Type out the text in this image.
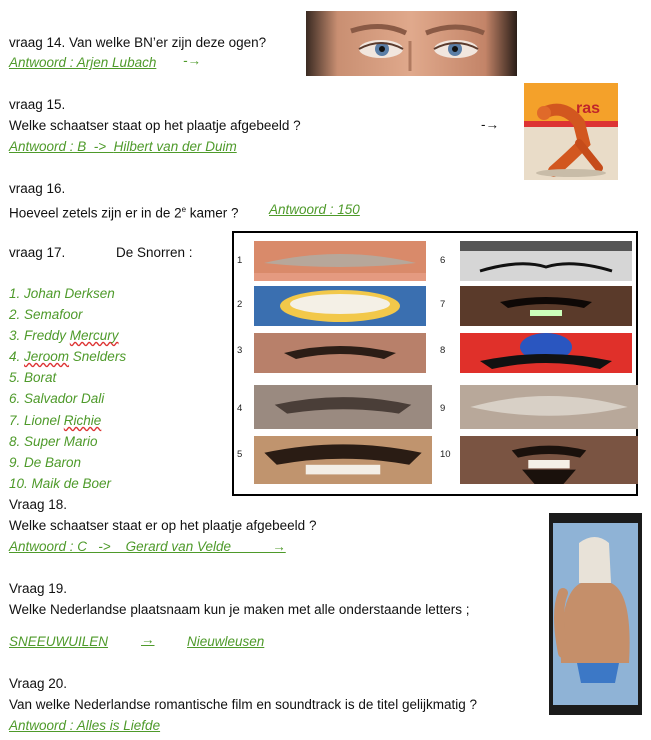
vraag 14. Van welke BN’er zijn deze ogen?
Antwoord : Arjen Lubach -→
vraag 15.
Welke schaatser staat op het plaatje afgebeeld ?	-→
Antwoord : B  ->  Hilbert van der Duim
ras
vraag 16.
Hoeveel zetels zijn er in de 2e kamer ? Antwoord : 150
vraag 17.	De Snorren :
1. Johan Derksen
2. Semafoor
3. Freddy Mercury
4. Jeroom Snelders
5. Borat
6. Salvador Dali
7. Lionel Richie
8. Super Mario
9. De Baron
10. Maik de Boer
1
2
3
4
5
6
7
8
9
10
Vraag 18.
Welke schaatser staat er op het plaatje afgebeeld ?
Antwoord : C   ->    Gerard van Velde           →
Vraag 19.
Welke Nederlandse plaatsnaam kun je maken met alle onderstaande letters ;
SNEEUWUILEN → Nieuwleusen
Vraag 20.
Van welke Nederlandse romantische film en soundtrack is de titel gelijkmatig ?
Antwoord : Alles is Liefde
